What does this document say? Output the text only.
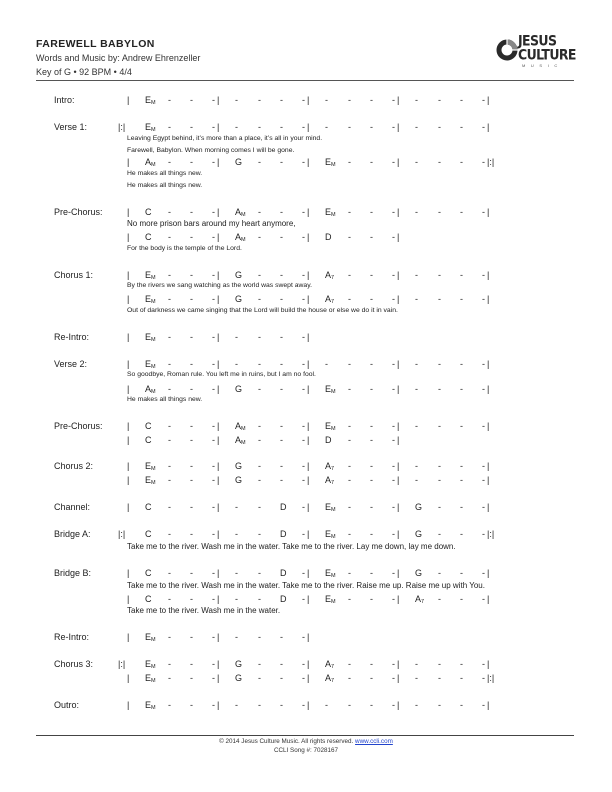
FAREWELL BABYLON
Words and Music by: Andrew Ehrenzeller
Key of G • 92 BPM • 4/4
JESUS
CULTURE
MUSIC
Intro:	| $E_M$ - - - | - - - - | - - - - | - - - - |
Verse 1:	|:| $E_M$ - - - | - - - - | - - - - | - - - - |
| $A_M$ - - - | G - - - | $E_M$ - - - | - - - - |:|
Leaving Egypt behind, it’s more than a place, it’s all in your mind.
Farewell, Babylon. When morning comes I will be gone.
He makes all things new.
He makes all things new.
Pre-Chorus:	| C - - - | $A_M$ - - - | $E_M$ - - - | - - - - |
| C - - - | $A_M$ - - - | D - - - |
No more prison bars around my heart anymore,
For the body is the temple of the Lord.
Chorus 1:	| $E_M$ - - - | G - - - | $A_7$ - - - | - - - - |
| $E_M$ - - - | G - - - | $A_7$ - - - | - - - - |
By the rivers we sang watching as the world was swept away.
Out of darkness we came singing that the Lord will build the house or else we do it in vain.
Re-Intro:	| $E_M$ - - - | - - - - |
Verse 2:	| $E_M$ - - - | - - - - | - - - - | - - - - |
| $A_M$ - - - | G - - - | $E_M$ - - - | - - - - |
So goodbye, Roman rule. You left me in ruins, but I am no fool.
He makes all things new.
Pre-Chorus:	| C - - - | $A_M$ - - - | $E_M$ - - - | - - - - |
| C - - - | $A_M$ - - - | D - - - |
Chorus 2:	| $E_M$ - - - | G - - - | $A_7$ - - - | - - - - |
| $E_M$ - - - | G - - - | $A_7$ - - - | - - - - |
Channel:	| C - - - | - - D - | $E_M$ - - - | G - - - |
Bridge A:	|:| C - - - | - - D - | $E_M$ - - - | G - - - |:|
Take me to the river. Wash me in the water. Take me to the river. Lay me down, lay me down.
Bridge B:	| C - - - | - - D - | $E_M$ - - - | G - - - |
| C - - - | - - D - | $E_M$ - - - | $A_7$ - - - |
Take me to the river. Wash me in the water. Take me to the river. Raise me up. Raise me up with You.
Take me to the river. Wash me in the water.
Re-Intro:	| $E_M$ - - - | - - - - |
Chorus 3:	|:| $E_M$ - - - | G - - - | $A_7$ - - - | - - - - |
| $E_M$ - - - | G - - - | $A_7$ - - - | - - - - |:|
Outro:	| $E_M$ - - - | - - - - | - - - - | - - - - |
© 2014 Jesus Culture Music. All rights reserved. www.ccli.com
CCLI Song #: 7028167
